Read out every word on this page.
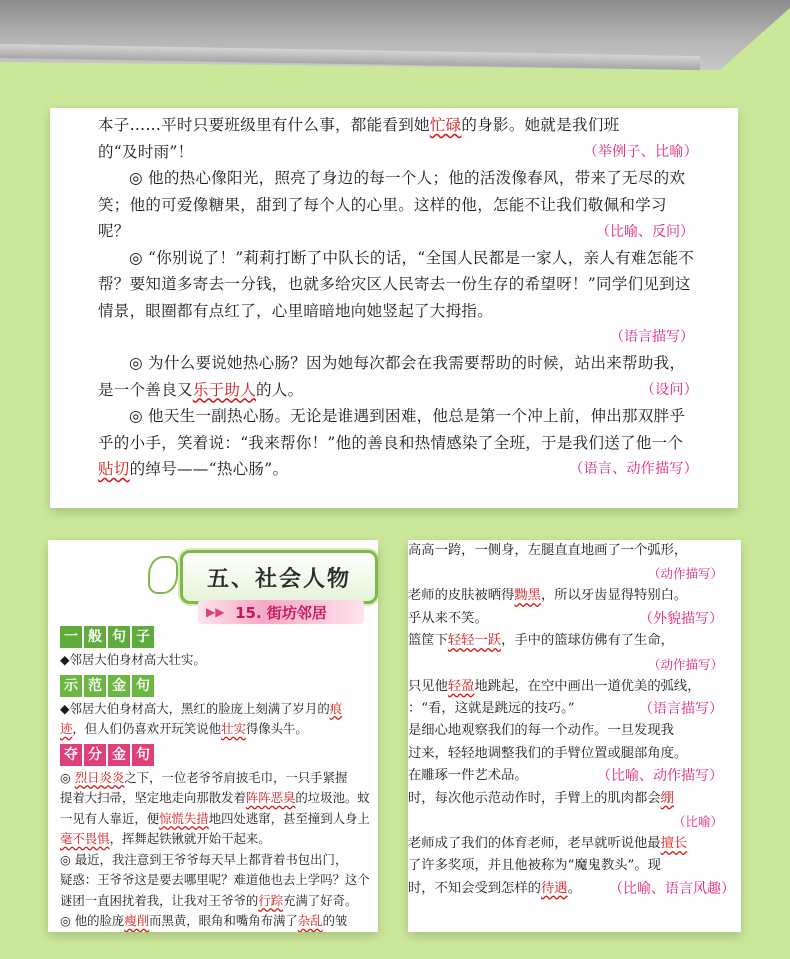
本子……平时只要班级里有什么事，都能看到她忙碌的身影。她就是我们班
的“及时雨”！	（举例子、比喻）

◎ 他的热心像阳光，照亮了身边的每一个人；他的活泼像春风，带来了无尽的欢笑；他的可爱像糖果，甜到了每个人的心里。这样的他，怎能不让我们敬佩和学习呢？	（比喻、反问）

◎ “你别说了！”莉莉打断了中队长的话，“全国人民都是一家人，亲人有难怎能不帮？要知道多寄去一分钱，也就多给灾区人民寄去一份生存的希望呀！”同学们见到这情景，眼圈都有点红了，心里暗暗地向她竖起了大拇指。

（语言描写）

◎ 为什么要说她热心肠？因为她每次都会在我需要帮助的时候，站出来帮助我，是一个善良又乐于助人的人。	（设问）

◎ 他天生一副热心肠。无论是谁遇到困难，他总是第一个冲上前，伸出那双胖乎乎的小手，笑着说：“我来帮你！”他的善良和热情感染了全班，于是我们送了他一个贴切的绰号——“热心肠”。	（语言、动作描写）

五、社会人物
▶▶ 15. 街坊邻居
一 般 句 子

◆邻居大伯身材高大壮实。

示 范 金 句

◆邻居大伯身材高大，黑红的脸庞上刻满了岁月的痕
迹，但人们仍喜欢开玩笑说他壮实得像头牛。

夺 分 金 句

◎ 烈日炎炎之下，一位老爷爷肩披毛巾，一只手紧握
提着大扫帚，坚定地走向那散发着阵阵恶臭的垃圾池。蚊
一见有人靠近，便惊慌失措地四处逃窜，甚至撞到人身上
毫不畏惧，挥舞起铁锹就开始干起来。

◎ 最近，我注意到王爷爷每天早上都背着书包出门，
疑惑：王爷爷这是要去哪里呢？难道他也去上学吗？这个
谜团一直困扰着我，让我对王爷爷的行踪充满了好奇。

◎ 他的脸庞瘦削而黑黄，眼角和嘴角布满了杂乱的皱

高高一跨，一侧身，左腿直直地画了一个弧形，

（动作描写）

老师的皮肤被晒得黝黑，所以牙齿显得特别白。

乎从来不笑。	（外貌描写）

篮筐下轻轻一跃，手中的篮球仿佛有了生命，

（动作描写）

只见他轻盈地跳起，在空中画出一道优美的弧线，

：“看，这就是跳远的技巧。”	（语言描写）

是细心地观察我们的每一个动作。一旦发现我

过来，轻轻地调整我们的手臂位置或腿部角度。

在雕琢一件艺术品。	（比喻、动作描写）

时，每次他示范动作时，手臂上的肌肉都会绷

（比喻）

老师成了我们的体育老师，老早就听说他最擅长

了许多奖项，并且他被称为“魔鬼教头”。现

时，不知会受到怎样的待遇。 （比喻、语言风趣）
